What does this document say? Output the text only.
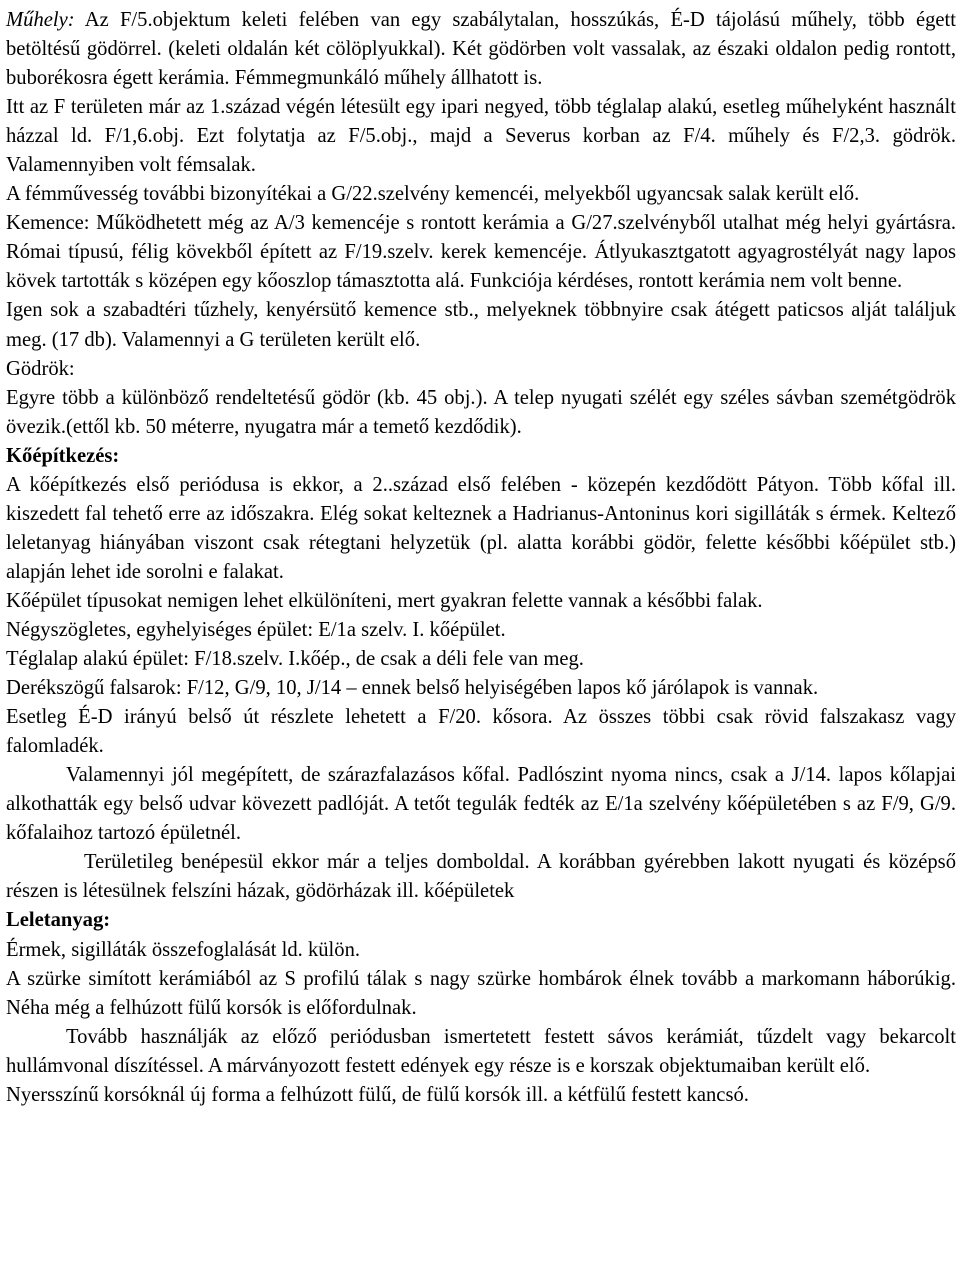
Műhely: Az F/5.objektum keleti felében van egy szabálytalan, hosszúkás, É-D tájolású műhely, több égett betöltésű gödörrel. (keleti oldalán két cölöplyukkal). Két gödörben volt vassalak, az északi oldalon pedig rontott, buborékosra égett kerámia. Fémmegmunkáló műhely állhatott is.

Itt az F területen már az 1.század végén létesült egy ipari negyed, több téglalap alakú, esetleg műhelyként használt házzal ld. F/1,6.obj. Ezt folytatja az F/5.obj., majd a Severus korban az F/4. műhely és F/2,3. gödrök. Valamennyiben volt fémsalak.

A fémművesség további bizonyítékai a G/22.szelvény kemencéi, melyekből ugyancsak salak került elő.

Kemence: Működhetett még az A/3 kemencéje s rontott kerámia a G/27.szelvényből utalhat még helyi gyártásra. Római típusú, félig kövekből épített az F/19.szelv. kerek kemencéje. Átlyukasztgatott agyagrostélyát nagy lapos kövek tartották s középen egy kőoszlop támasztotta alá. Funkciója kérdéses, rontott kerámia nem volt benne.

Igen sok a szabadtéri tűzhely, kenyérsütő kemence stb., melyeknek többnyire csak átégett paticsos alját találjuk meg. (17 db). Valamennyi a G területen került elő.

Gödrök:

Egyre több a különböző rendeltetésű gödör (kb. 45 obj.). A telep nyugati szélét egy széles sávban szemétgödrök övezik.(ettől kb. 50 méterre, nyugatra már a temető kezdődik).

Kőépítkezés:

A kőépítkezés első periódusa is ekkor, a 2..század első felében - közepén kezdődött Pátyon. Több kőfal ill. kiszedett fal tehető erre az időszakra. Elég sokat kelteznek a Hadrianus-Antoninus kori sigilláták s érmek. Keltező leletanyag hiányában viszont csak rétegtani helyzetük (pl. alatta korábbi gödör, felette későbbi kőépület stb.) alapján lehet ide sorolni e falakat.

Kőépület típusokat nemigen lehet elkülöníteni, mert gyakran felette vannak a későbbi falak.

Négyszögletes, egyhelyiséges épület: E/1a szelv. I. kőépület.

Téglalap alakú épület: F/18.szelv. I.kőép., de csak a déli fele van meg.

Derékszögű falsarok: F/12, G/9, 10, J/14 – ennek belső helyiségében lapos kő járólapok is vannak.

Esetleg É-D irányú belső út részlete lehetett a F/20. kősora. Az összes többi csak rövid falszakasz vagy falomladék.

Valamennyi jól megépített, de szárazfalazásos kőfal. Padlószint nyoma nincs, csak a J/14. lapos kőlapjai alkothatták egy belső udvar kövezett padlóját. A tetőt tegulák fedték az E/1a szelvény kőépületében s az F/9, G/9. kőfalaihoz tartozó épületnél.

Területileg benépesül ekkor már a teljes domboldal. A korábban gyérebben lakott nyugati és középső részen is létesülnek felszíni házak, gödörházak ill. kőépületek

Leletanyag:

Érmek, sigilláták összefoglalását ld. külön.

A szürke simított kerámiából az S profilú tálak s nagy szürke hombárok élnek tovább a markomann háborúkig. Néha még a felhúzott fülű korsók is előfordulnak.

Tovább használják az előző periódusban ismertetett festett sávos kerámiát, tűzdelt vagy bekarcolt hullámvonal díszítéssel. A márványozott festett edények egy része is e korszak objektumaiban került elő.

Nyersszínű korsóknál új forma a felhúzott fülű, de fülű korsók ill. a kétfülű festett kancsó.
